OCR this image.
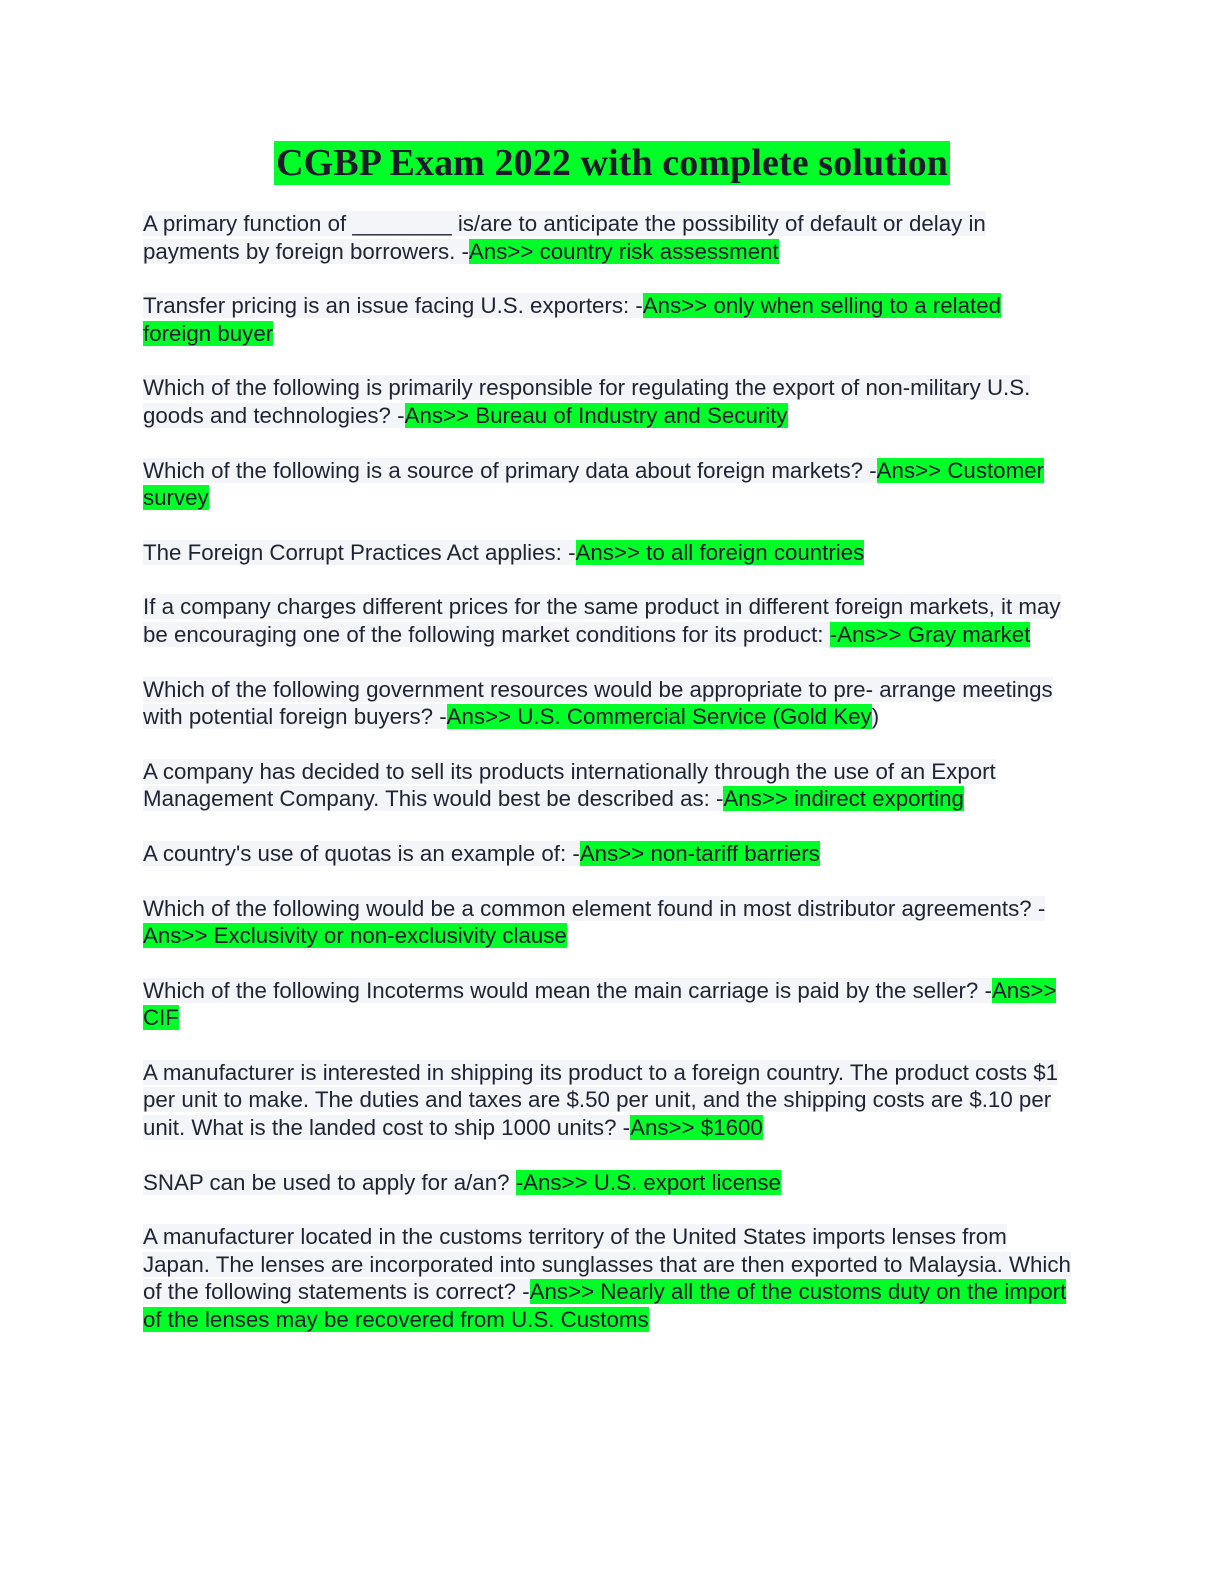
CGBP Exam 2022 with complete solution

A primary function of ________ is/are to anticipate the possibility of default or delay in payments by foreign borrowers. -Ans>> country risk assessment

Transfer pricing is an issue facing U.S. exporters: -Ans>> only when selling to a related foreign buyer

Which of the following is primarily responsible for regulating the export of non-military U.S. goods and technologies? -Ans>> Bureau of Industry and Security

Which of the following is a source of primary data about foreign markets? -Ans>> Customer survey

The Foreign Corrupt Practices Act applies: -Ans>> to all foreign countries

If a company charges different prices for the same product in different foreign markets, it may be encouraging one of the following market conditions for its product: -Ans>> Gray market

Which of the following government resources would be appropriate to pre- arrange meetings with potential foreign buyers? -Ans>> U.S. Commercial Service (Gold Key)

A company has decided to sell its products internationally through the use of an Export Management Company. This would best be described as: -Ans>> indirect exporting

A country's use of quotas is an example of: -Ans>> non-tariff barriers

Which of the following would be a common element found in most distributor agreements? -Ans>> Exclusivity or non-exclusivity clause

Which of the following Incoterms would mean the main carriage is paid by the seller? -Ans>> CIF

A manufacturer is interested in shipping its product to a foreign country. The product costs $1 per unit to make. The duties and taxes are $.50 per unit, and the shipping costs are $.10 per unit. What is the landed cost to ship 1000 units? -Ans>> $1600

SNAP can be used to apply for a/an? -Ans>> U.S. export license

A manufacturer located in the customs territory of the United States imports lenses from Japan. The lenses are incorporated into sunglasses that are then exported to Malaysia. Which of the following statements is correct? -Ans>> Nearly all the of the customs duty on the import of the lenses may be recovered from U.S. Customs
